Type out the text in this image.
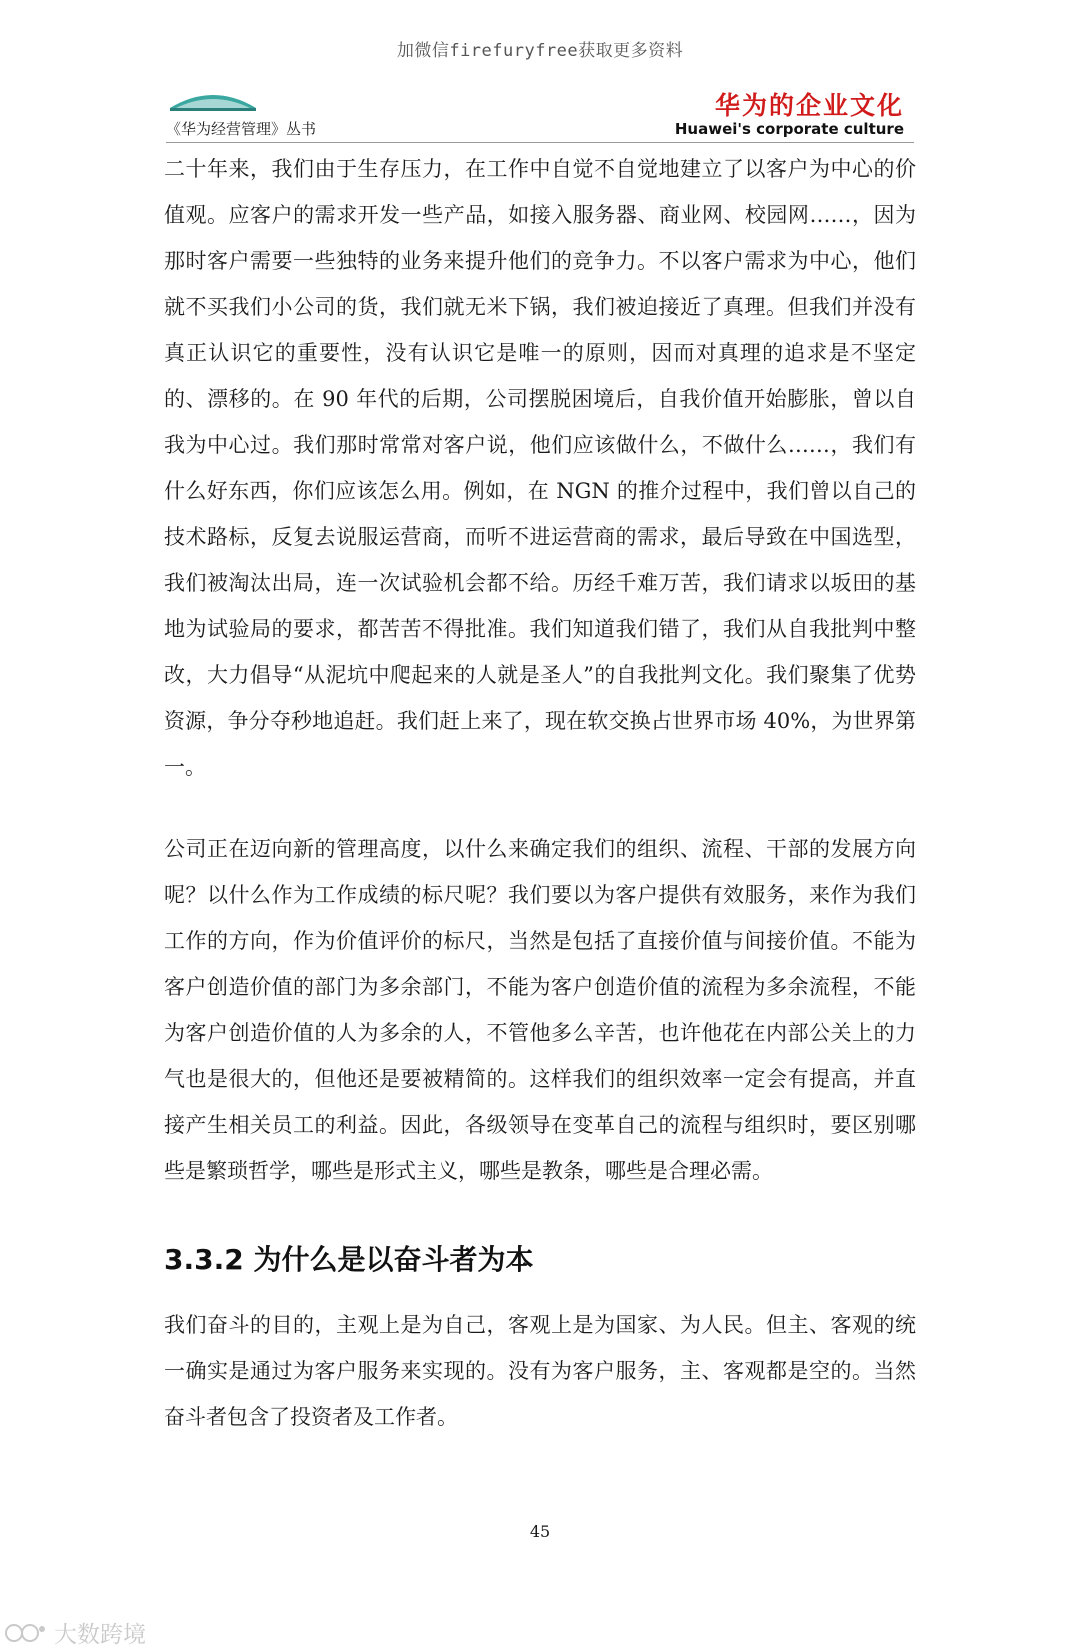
加微信firefuryfree获取更多资料
《华为经营管理》丛书
华为的企业文化
Huawei's corporate culture

二十年来，我们由于生存压力，在工作中自觉不自觉地建立了以客户为中心的价值观。应客户的需求开发一些产品，如接入服务器、商业网、校园网……，因为那时客户需要一些独特的业务来提升他们的竞争力。不以客户需求为中心，他们就不买我们小公司的货，我们就无米下锅，我们被迫接近了真理。但我们并没有真正认识它的重要性，没有认识它是唯一的原则，因而对真理的追求是不坚定的、漂移的。在 90 年代的后期，公司摆脱困境后，自我价值开始膨胀，曾以自我为中心过。我们那时常常对客户说，他们应该做什么，不做什么……，我们有什么好东西，你们应该怎么用。例如，在 NGN 的推介过程中，我们曾以自己的技术路标，反复去说服运营商，而听不进运营商的需求，最后导致在中国选型，我们被淘汰出局，连一次试验机会都不给。历经千难万苦，我们请求以坂田的基地为试验局的要求，都苦苦不得批准。我们知道我们错了，我们从自我批判中整改，大力倡导“从泥坑中爬起来的人就是圣人”的自我批判文化。我们聚集了优势资源，争分夺秒地追赶。我们赶上来了，现在软交换占世界市场 40%，为世界第一。

公司正在迈向新的管理高度，以什么来确定我们的组织、流程、干部的发展方向呢？以什么作为工作成绩的标尺呢？我们要以为客户提供有效服务，来作为我们工作的方向，作为价值评价的标尺，当然是包括了直接价值与间接价值。不能为客户创造价值的部门为多余部门，不能为客户创造价值的流程为多余流程，不能为客户创造价值的人为多余的人，不管他多么辛苦，也许他花在内部公关上的力气也是很大的，但他还是要被精简的。这样我们的组织效率一定会有提高，并直接产生相关员工的利益。因此，各级领导在变革自己的流程与组织时，要区别哪些是繁琐哲学，哪些是形式主义，哪些是教条，哪些是合理必需。

3.3.2 为什么是以奋斗者为本

我们奋斗的目的，主观上是为自己，客观上是为国家、为人民。但主、客观的统一确实是通过为客户服务来实现的。没有为客户服务，主、客观都是空的。当然奋斗者包含了投资者及工作者。

45
大数跨境
